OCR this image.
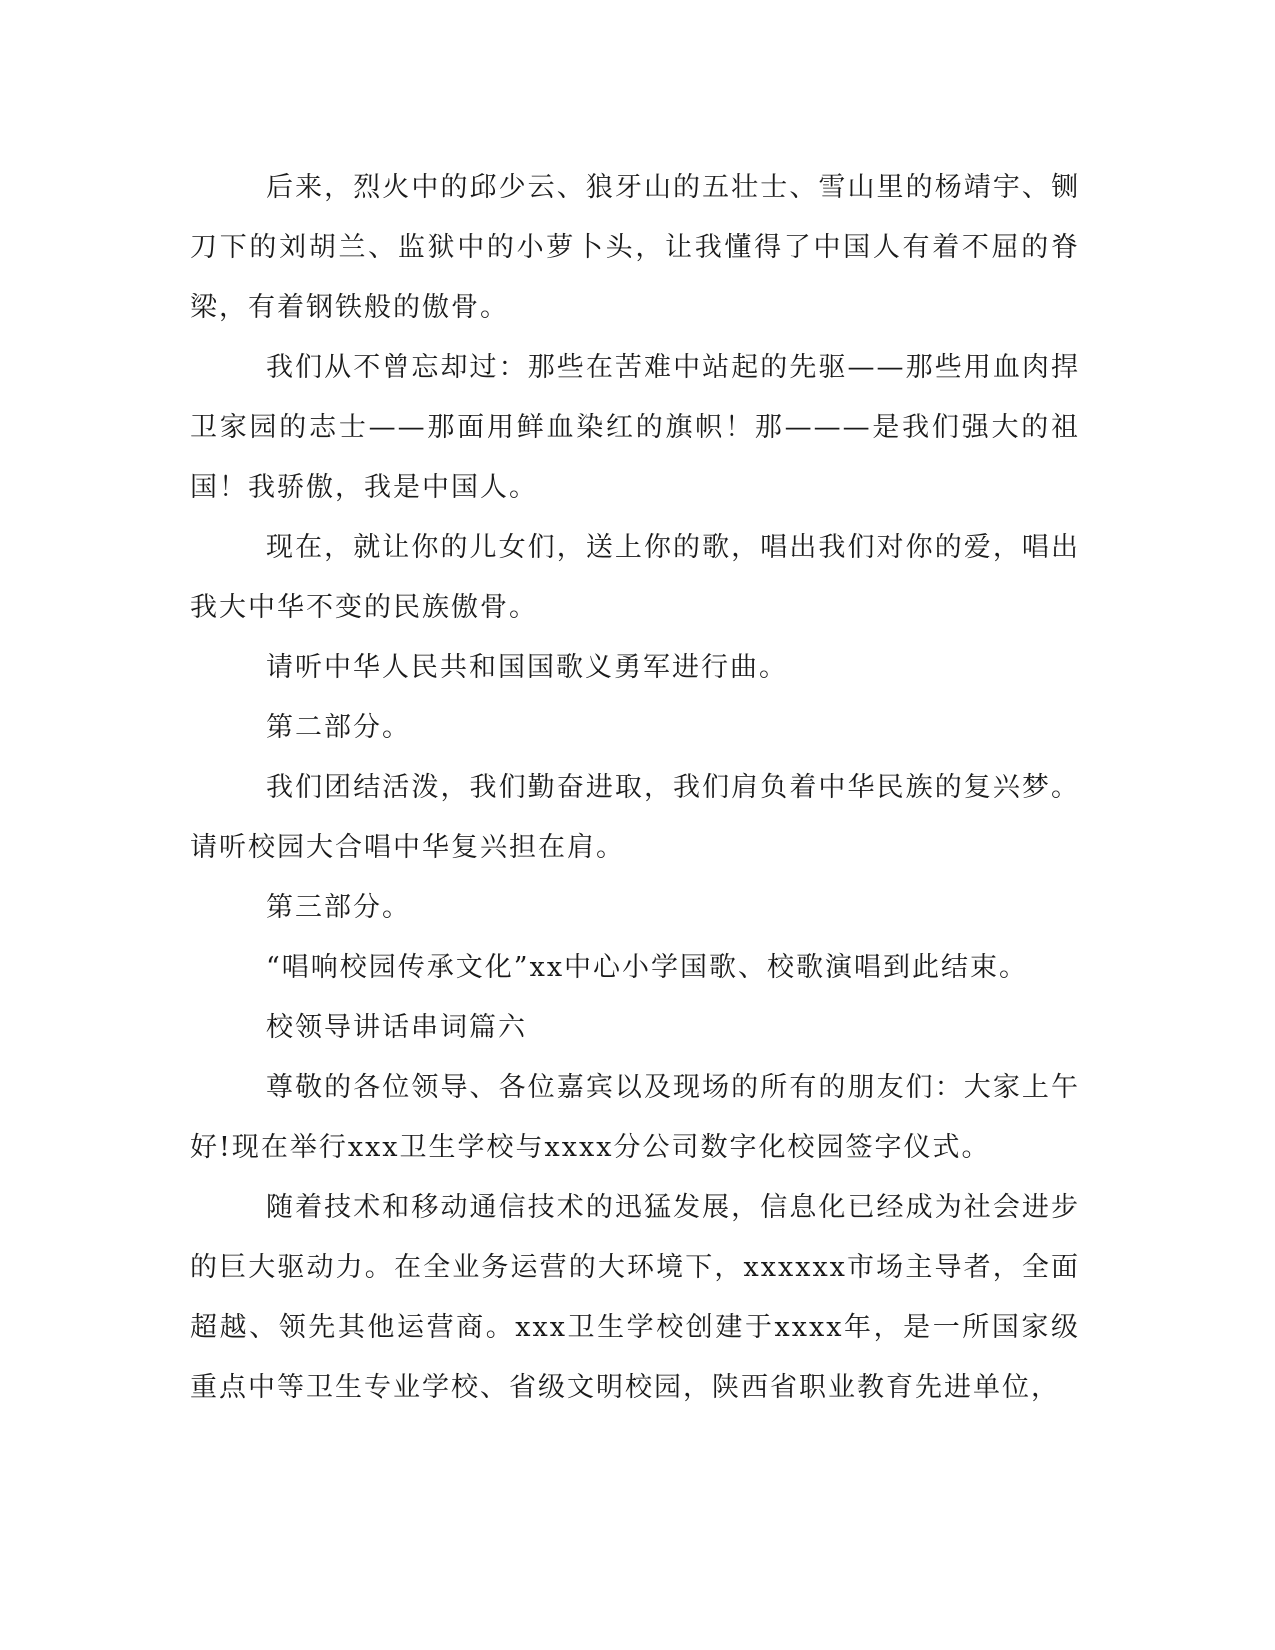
后来，烈火中的邱少云、狼牙山的五壮士、雪山里的杨靖宇、铡刀下的刘胡兰、监狱中的小萝卜头，让我懂得了中国人有着不屈的脊梁，有着钢铁般的傲骨。

我们从不曾忘却过：那些在苦难中站起的先驱——那些用血肉捍卫家园的志士——那面用鲜血染红的旗帜！那———是我们强大的祖国！我骄傲，我是中国人。

现在，就让你的儿女们，送上你的歌，唱出我们对你的爱，唱出我大中华不变的民族傲骨。

请听中华人民共和国国歌义勇军进行曲。

第二部分。

我们团结活泼，我们勤奋进取，我们肩负着中华民族的复兴梦。请听校园大合唱中华复兴担在肩。

第三部分。

“唱响校园传承文化”xx中心小学国歌、校歌演唱到此结束。

校领导讲话串词篇六

尊敬的各位领导、各位嘉宾以及现场的所有的朋友们：大家上午好!现在举行xxx卫生学校与xxxx分公司数字化校园签字仪式。

随着技术和移动通信技术的迅猛发展，信息化已经成为社会进步的巨大驱动力。在全业务运营的大环境下，xxxxxx市场主导者，全面超越、领先其他运营商。xxx卫生学校创建于xxxx年，是一所国家级重点中等卫生专业学校、省级文明校园，陕西省职业教育先进单位，
